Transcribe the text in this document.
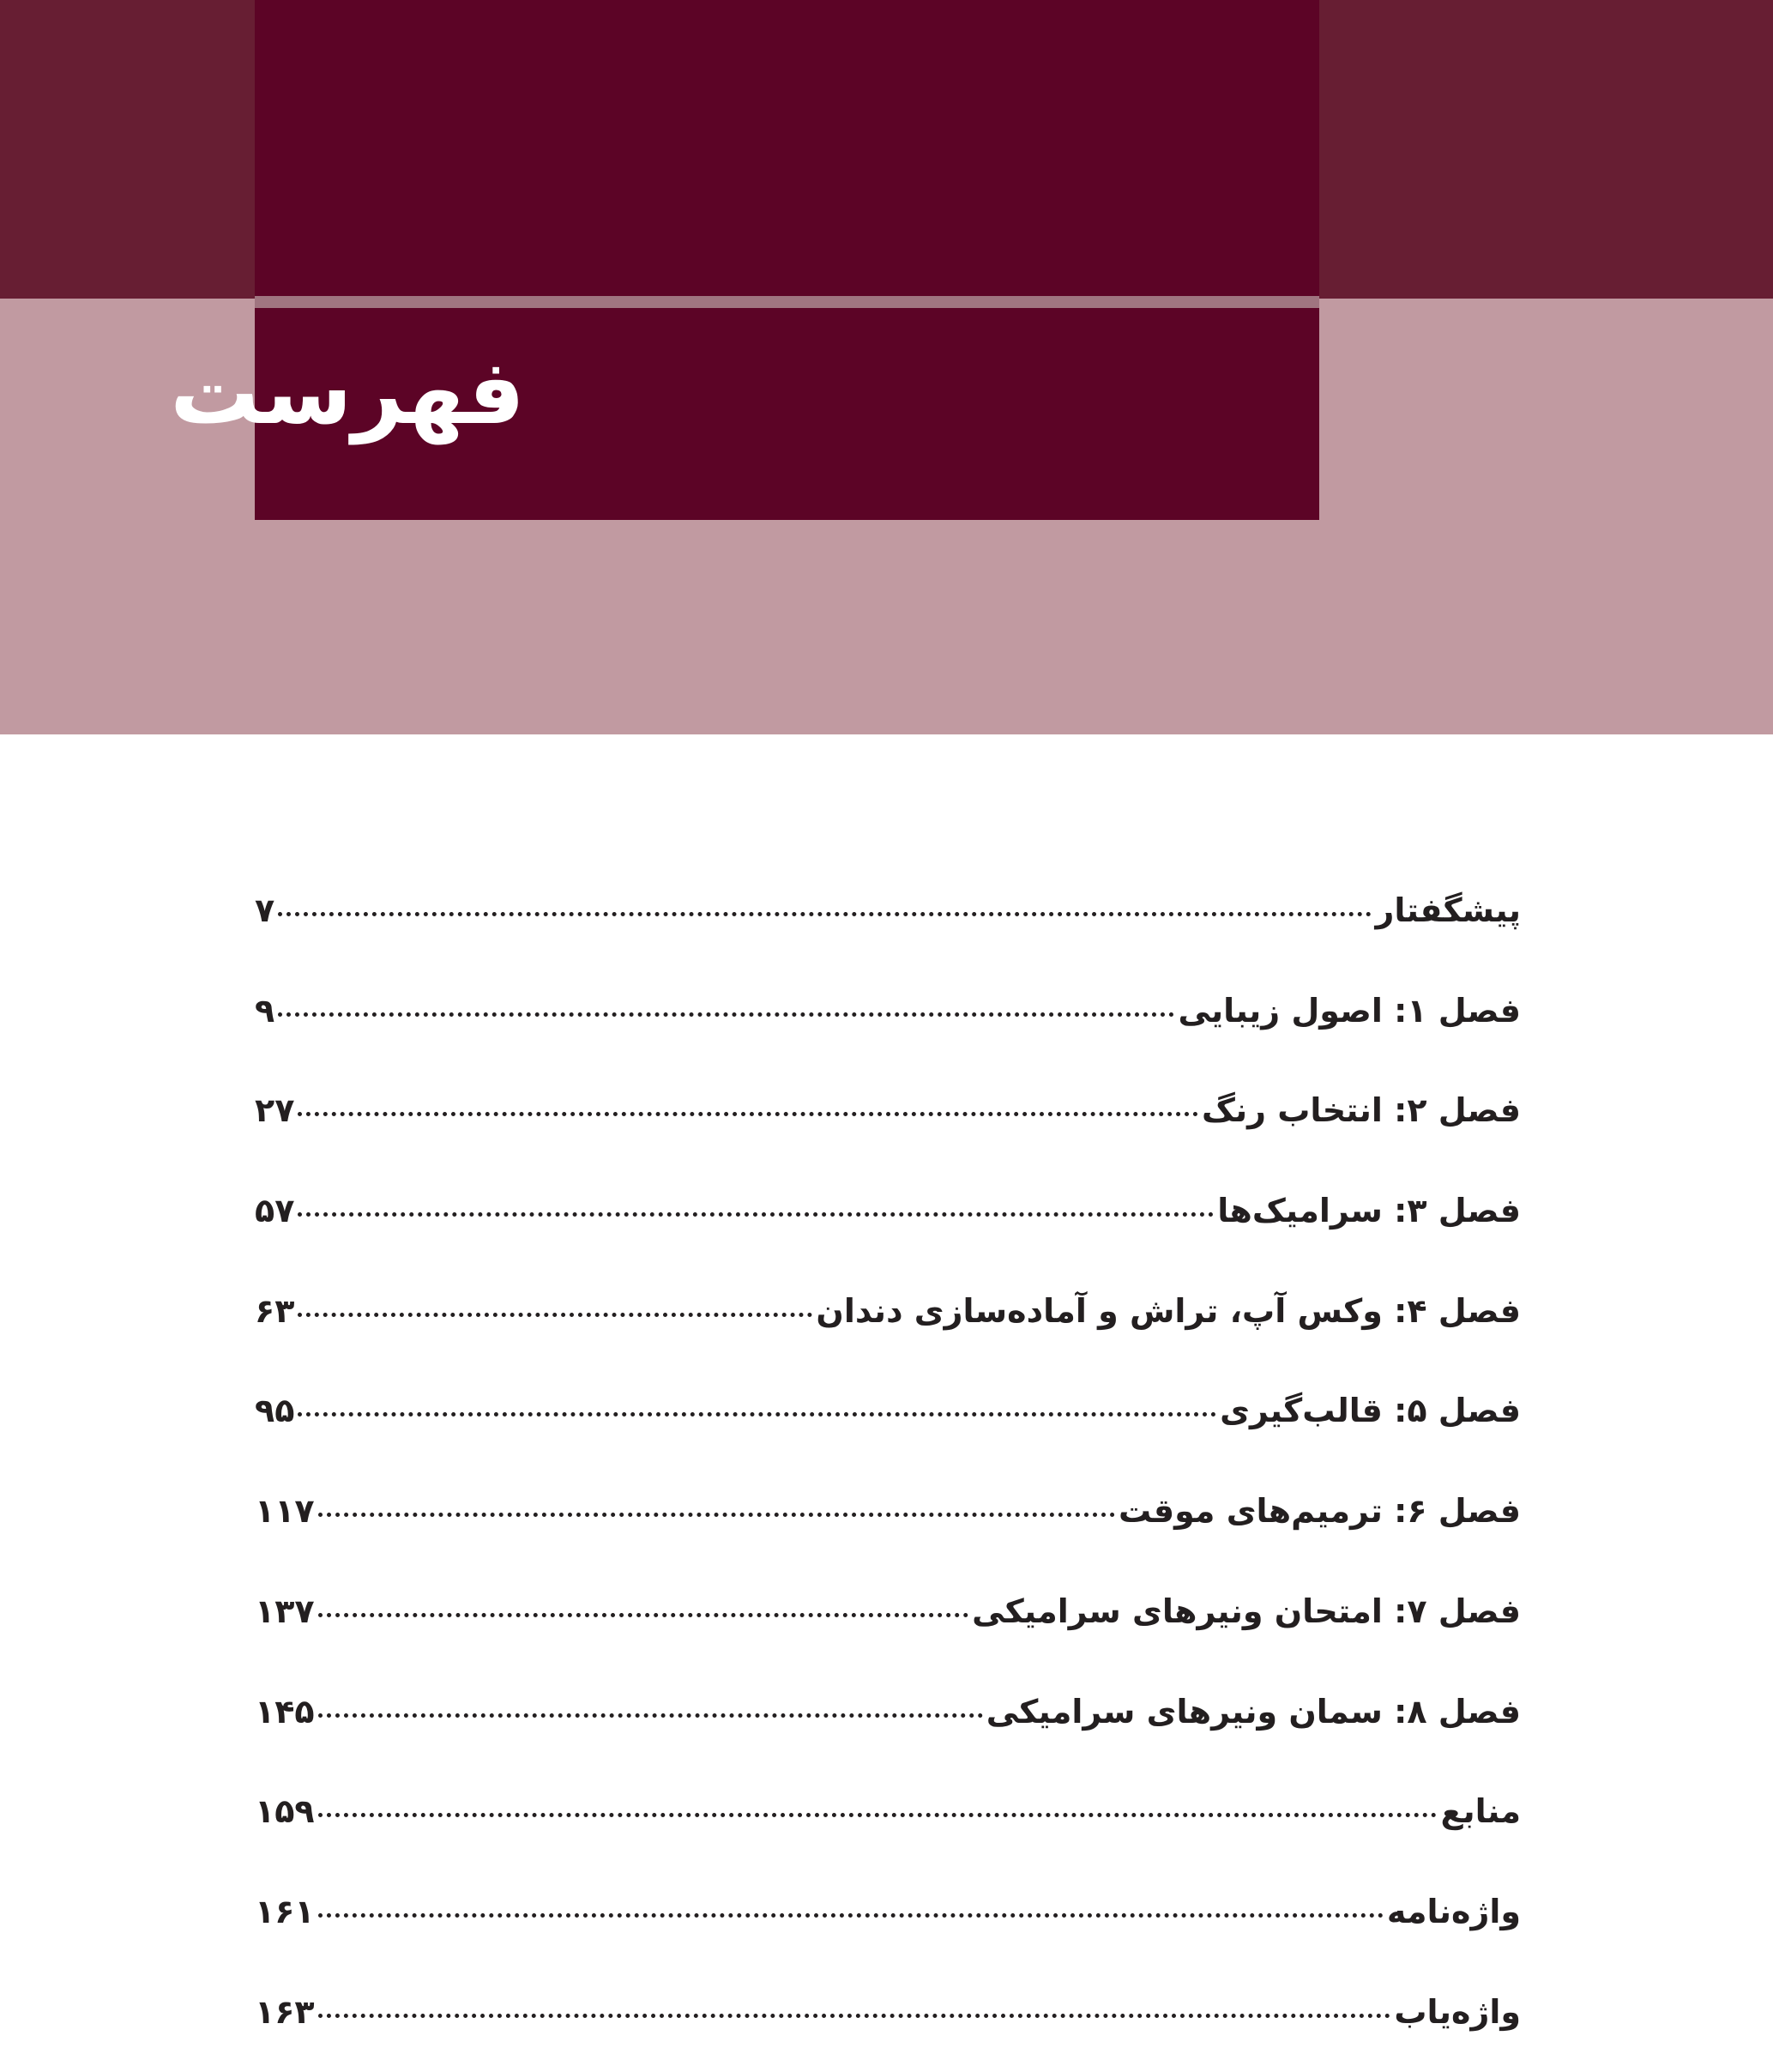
فهرست
پیشگفتار
۷
فصل ۱: اصول زیبایی
۹
فصل ۲: انتخاب رنگ
۲۷
فصل ۳: سرامیک‌ها
۵۷
فصل ۴: وکس آپ، تراش و آماده‌سازی دندان
۶۳
فصل ۵: قالب‌گیری
۹۵
فصل ۶: ترمیم‌های موقت
۱۱۷
فصل ۷: امتحان ونیرهای سرامیکی
۱۳۷
فصل ۸: سمان ونیرهای سرامیکی
۱۴۵
منابع
۱۵۹
واژه‌نامه
۱۶۱
واژه‌یاب
۱۶۳
